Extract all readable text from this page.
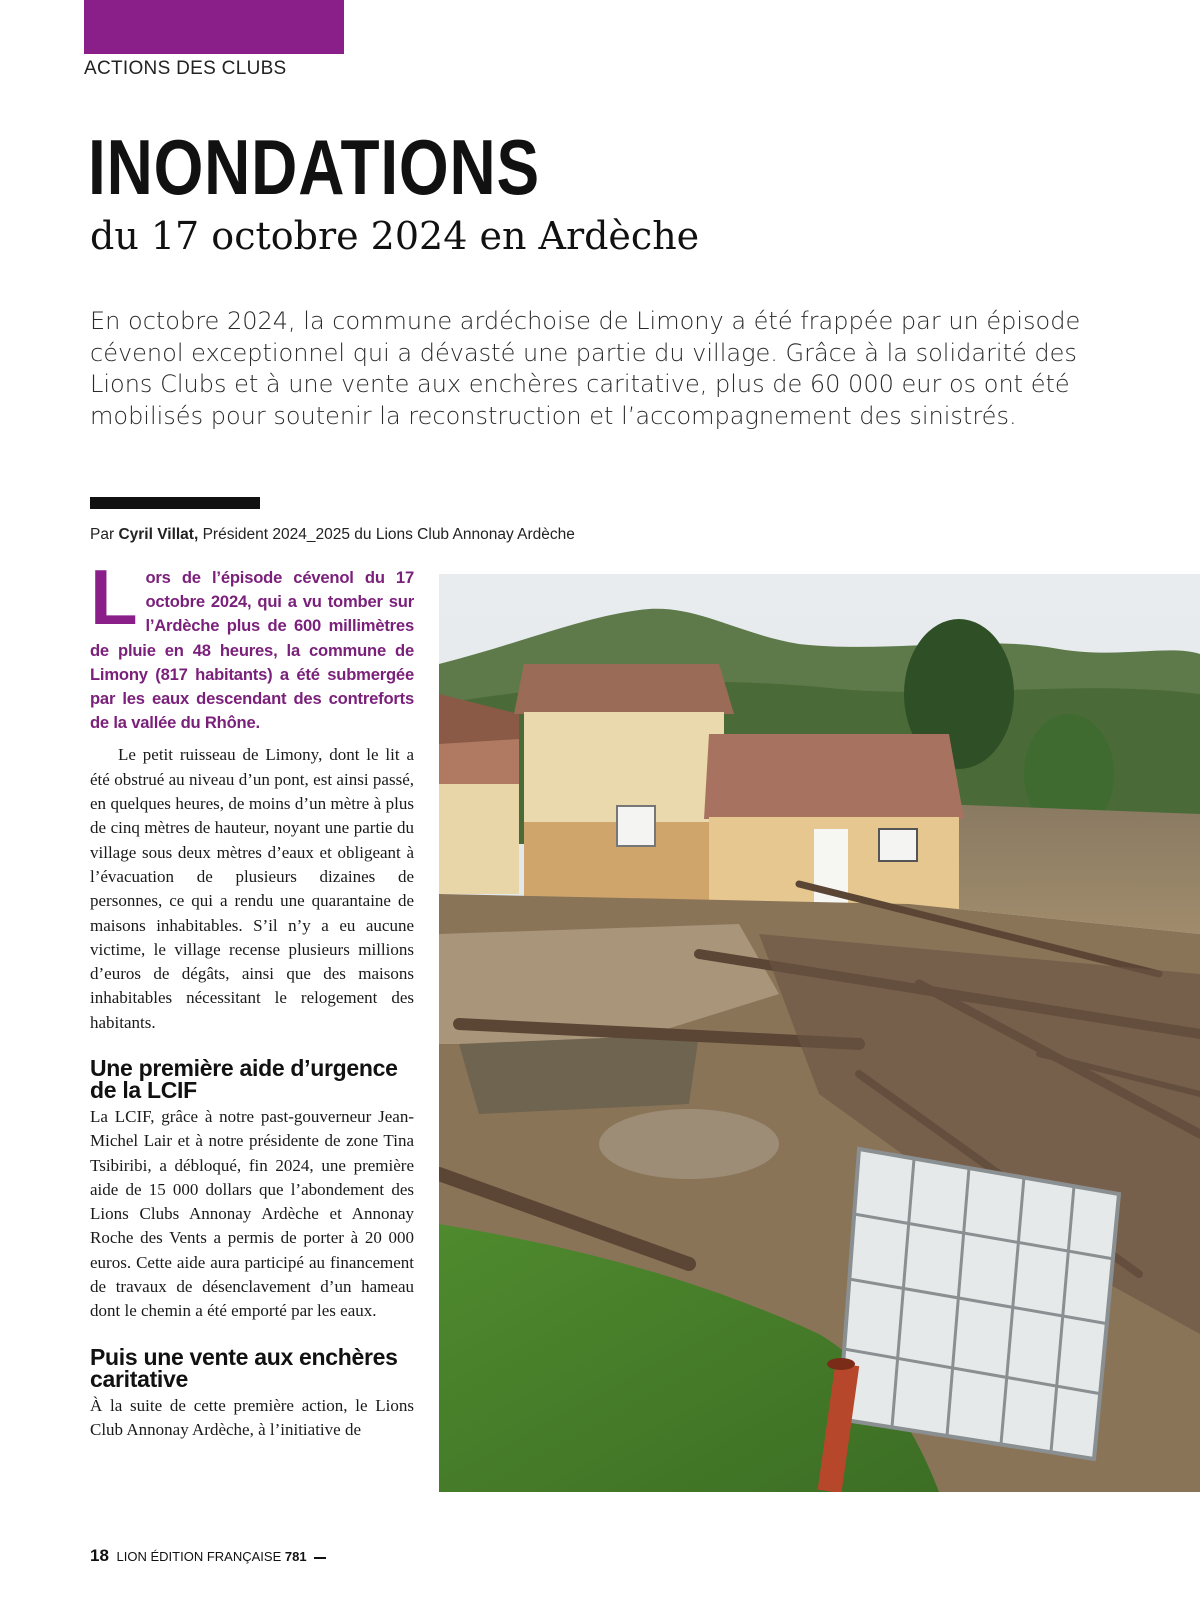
ACTIONS DES CLUBS
INONDATIONS
du 17 octobre 2024 en Ardèche

En octobre 2024, la commune ardéchoise de Limony a été frappée par un épisode cévenol exceptionnel qui a dévasté une partie du village. Grâce à la solidarité des Lions Clubs et à une vente aux enchères caritative, plus de 60 000 eur os ont été mobilisés pour soutenir la reconstruction et l’accompagnement des sinistrés.

Par Cyril Villat, Président 2024_2025 du Lions Club Annonay Ardèche

Lors de l’épisode cévenol du 17 octobre 2024, qui a vu tomber sur l’Ardèche plus de 600 millimètres de pluie en 48 heures, la commune de Limony (817 habitants) a été submergée par les eaux descendant des contreforts de la vallée du Rhône.

Le petit ruisseau de Limony, dont le lit a été obstrué au niveau d’un pont, est ainsi passé, en quelques heures, de moins d’un mètre à plus de cinq mètres de hauteur, noyant une partie du village sous deux mètres d’eaux et obligeant à l’évacuation de plusieurs dizaines de personnes, ce qui a rendu une quarantaine de maisons inhabitables. S’il n’y a eu aucune victime, le village recense plusieurs millions d’euros de dégâts, ainsi que des maisons inhabitables nécessitant le relogement des habitants.

Une première aide d’urgence de la LCIF

La LCIF, grâce à notre past-gouverneur Jean-Michel Lair et à notre présidente de zone Tina Tsibiribi, a débloqué, fin 2024, une première aide de 15 000 dollars que l’abondement des Lions Clubs Annonay Ardèche et Annonay Roche des Vents a permis de porter à 20 000 euros. Cette aide aura participé au financement de travaux de désenclavement d’un hameau dont le chemin a été emporté par les eaux.

Puis une vente aux enchères caritative

À la suite de cette première action, le Lions Club Annonay Ardèche, à l’initiative de

18 LION ÉDITION FRANÇAISE 781
